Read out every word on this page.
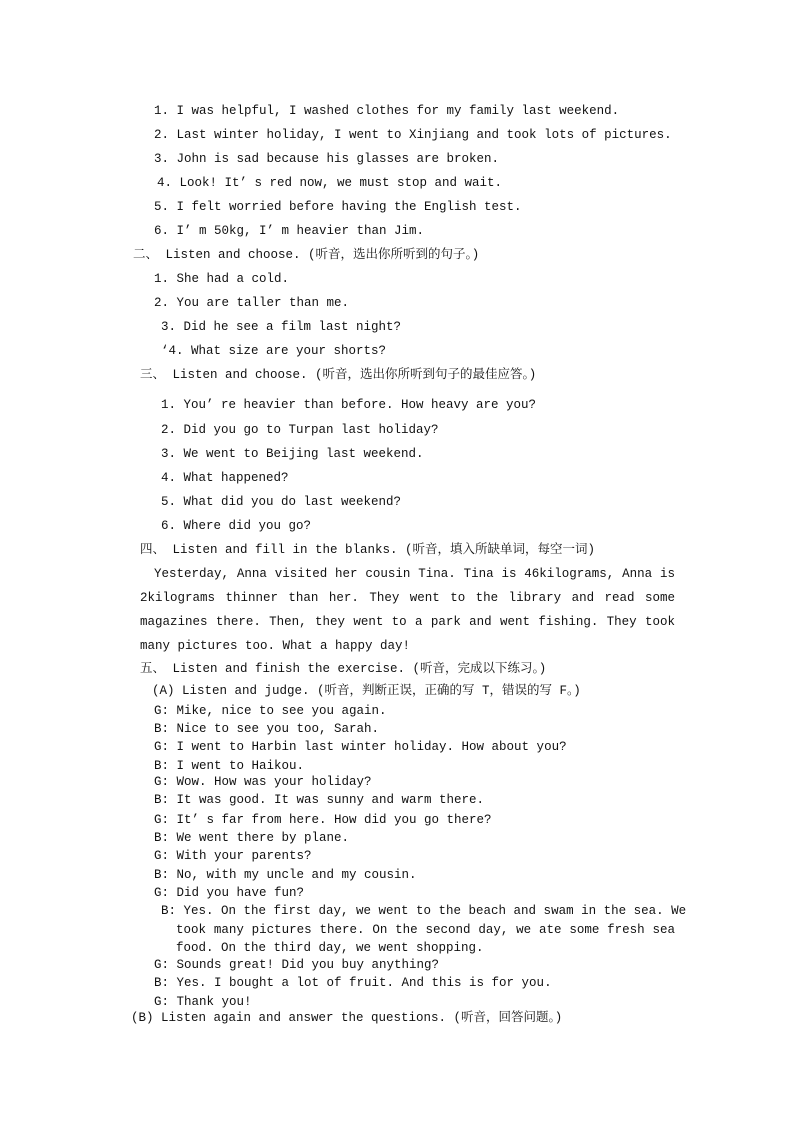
1. I was helpful, I washed clothes for my family last weekend.
2. Last winter holiday, I went to Xinjiang and took lots of pictures.
3. John is sad because his glasses are broken.
4. Look! It’ s red now, we must stop and wait.
5. I felt worried before having the English test.
6. I’ m 50kg, I’ m heavier than Jim.
二、 Listen and choose. (听音，选出你所听到的句子。)
1. She had a cold.
2. You are taller than me.
3. Did he see a film last night?
‘4. What size are your shorts?
三、 Listen and choose. (听音，选出你所听到句子的最佳应答。)
1. You’ re heavier than before. How heavy are you?
2. Did you go to Turpan last holiday?
3. We went to Beijing last weekend.
4. What happened?
5. What did you do last weekend?
6. Where did you go?
四、 Listen and fill in the blanks. (听音，填入所缺单词，每空一词)
Yesterday, Anna visited her cousin Tina. Tina is 46kilograms, Anna is 2kilograms thinner than her. They went to the library and read some magazines there. Then, they went to a park and went fishing. They took many pictures too. What a happy day!
五、 Listen and finish the exercise. (听音，完成以下练习。)
(A) Listen and judge. (听音，判断正误，正确的写 T，错误的写 F。)
G: Mike, nice to see you again.
B: Nice to see you too, Sarah.
G: I went to Harbin last winter holiday. How about you?
B: I went to Haikou.
G: Wow. How was your holiday?
B: It was good. It was sunny and warm there.
G: It’ s far from here. How did you go there?
B: We went there by plane.
G: With your parents?
B: No, with my uncle and my cousin.
G: Did you have fun?
B: Yes. On the first day, we went to the beach and swam in the sea. We
took many pictures there. On the second day, we ate some fresh sea food. On the third day, we went shopping.
G: Sounds great! Did you buy anything?
B: Yes. I bought a lot of fruit. And this is for you.
G: Thank you!
(B) Listen again and answer the questions. (听音，回答问题。)
